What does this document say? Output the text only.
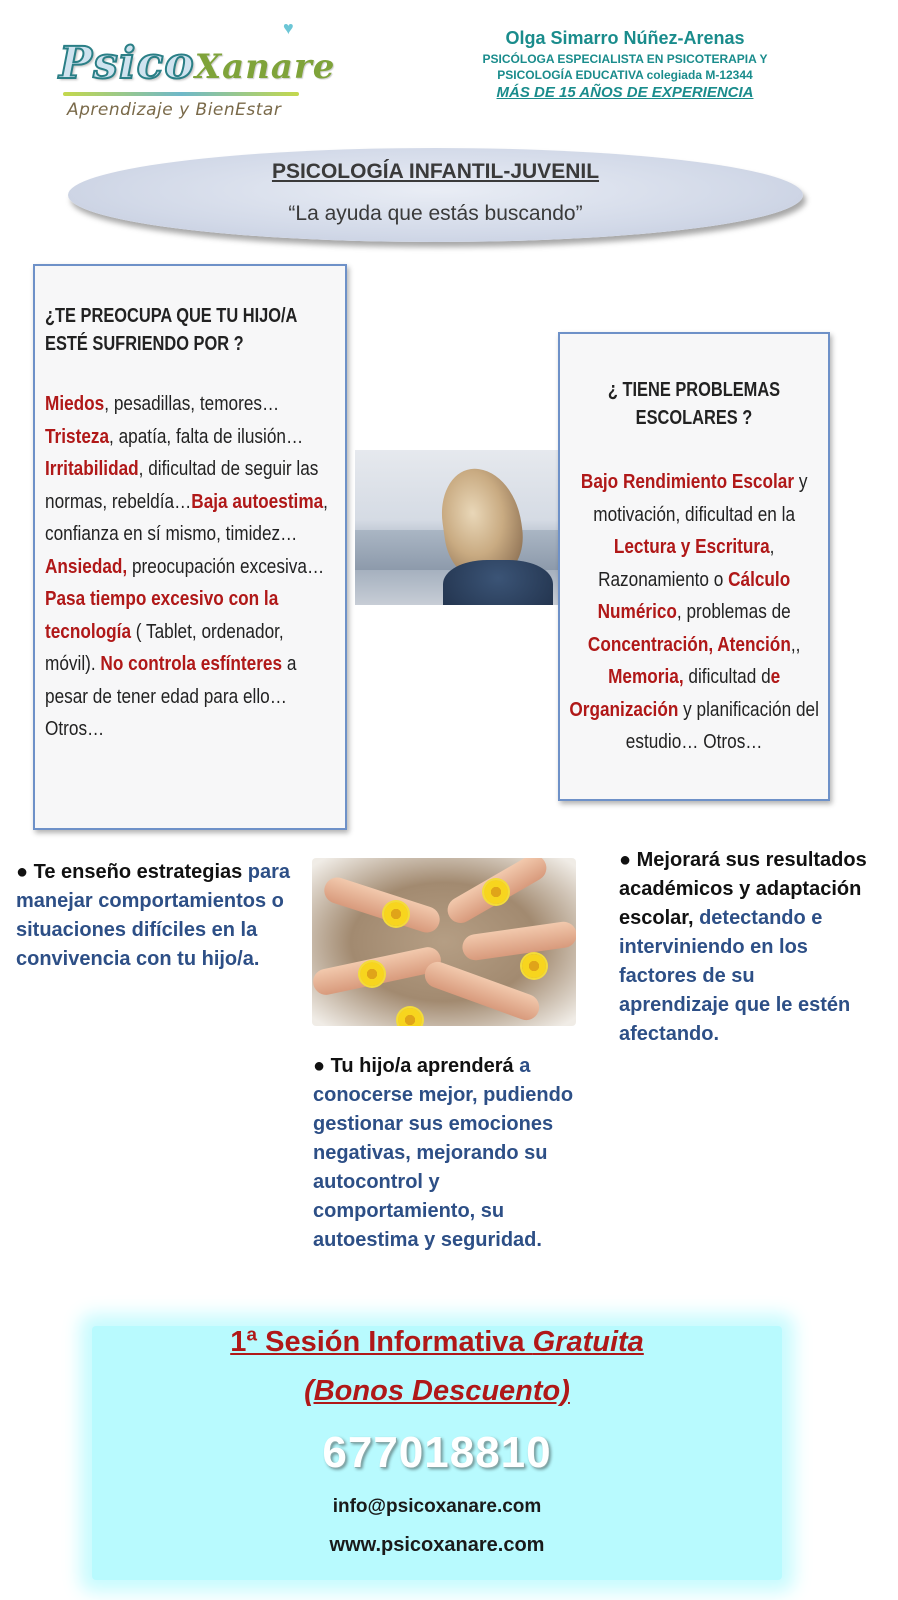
PsicoXanare
♥
Aprendizaje y BienEstar
Olga Simarro Núñez-Arenas
PSICÓLOGA ESPECIALISTA EN PSICOTERAPIA Y
PSICOLOGÍA EDUCATIVA colegiada M-12344
MÁS DE 15 AÑOS DE EXPERIENCIA
PSICOLOGÍA INFANTIL-JUVENIL
“La ayuda que estás buscando”
¿TE PREOCUPA QUE TU HIJO/A
ESTÉ SUFRIENDO POR ?
Miedos, pesadillas, temores…Tristeza, apatía, falta de ilusión…Irritabilidad, dificultad de seguir las normas, rebeldía…Baja autoestima, confianza en sí mismo, timidez…Ansiedad, preocupación excesiva…Pasa tiempo excesivo con la tecnología ( Tablet, ordenador, móvil). No controla esfínteres a pesar de tener edad para ello…Otros…
¿ TIENE PROBLEMAS
ESCOLARES ?
Bajo Rendimiento Escolar y motivación, dificultad en la Lectura y Escritura, Razonamiento o Cálculo Numérico, problemas de Concentración, Atención,, Memoria, dificultad de Organización y planificación del estudio… Otros…
● Te enseño estrategias para manejar comportamientos o situaciones difíciles en la convivencia con tu hijo/a.
● Tu hijo/a aprenderá a conocerse mejor, pudiendo gestionar sus emociones negativas, mejorando su autocontrol y comportamiento, su autoestima y seguridad.
● Mejorará sus resultados académicos y adaptación escolar, detectando e interviniendo en los factores de su aprendizaje que le estén afectando.
1ª Sesión Informativa Gratuita
(Bonos Descuento)
677018810
info@psicoxanare.com
www.psicoxanare.com
